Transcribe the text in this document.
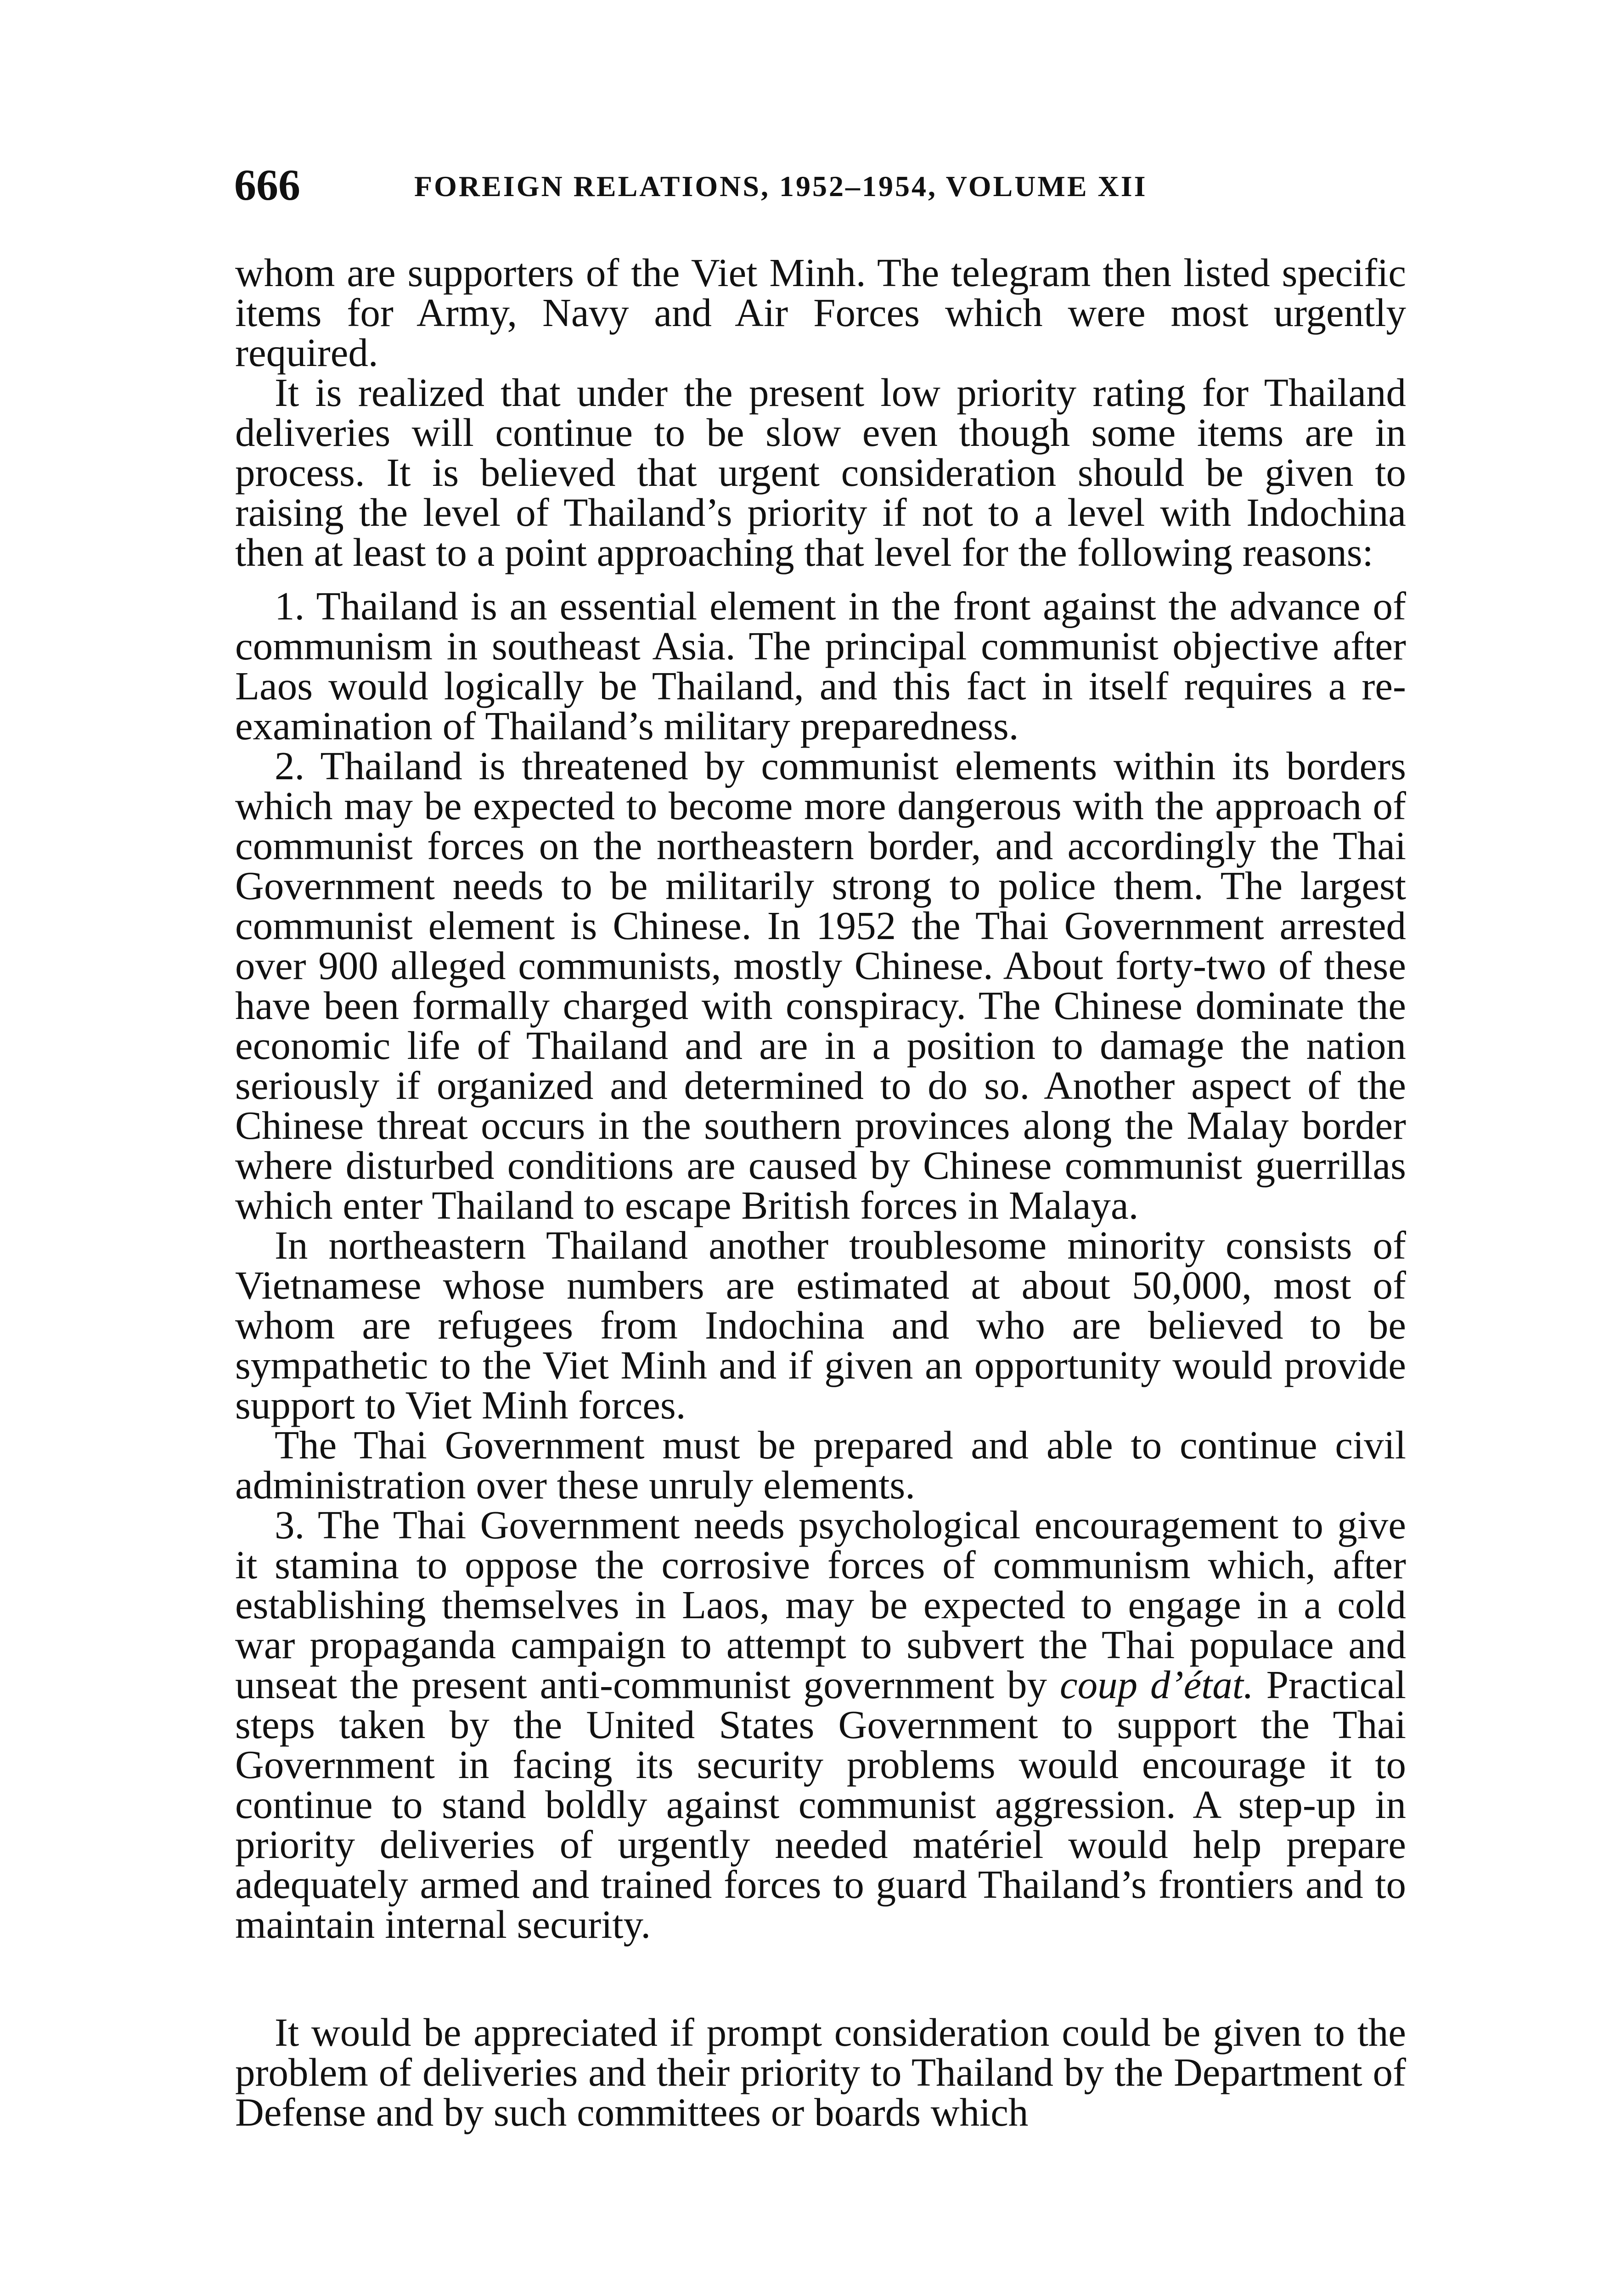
666	FOREIGN RELATIONS, 1952–1954, VOLUME XII

whom are supporters of the Viet Minh. The telegram then listed specific items for Army, Navy and Air Forces which were most urgently required.

It is realized that under the present low priority rating for Thailand deliveries will continue to be slow even though some items are in process. It is believed that urgent consideration should be given to raising the level of Thailand’s priority if not to a level with Indochina then at least to a point approaching that level for the following reasons:

1. Thailand is an essential element in the front against the advance of communism in southeast Asia. The principal communist objective after Laos would logically be Thailand, and this fact in itself requires a re-examination of Thailand’s military preparedness.

2. Thailand is threatened by communist elements within its borders which may be expected to become more dangerous with the approach of communist forces on the northeastern border, and accordingly the Thai Government needs to be militarily strong to police them. The largest communist element is Chinese. In 1952 the Thai Government arrested over 900 alleged communists, mostly Chinese. About forty-two of these have been formally charged with conspiracy. The Chinese dominate the economic life of Thailand and are in a position to damage the nation seriously if organized and determined to do so. Another aspect of the Chinese threat occurs in the southern provinces along the Malay border where disturbed conditions are caused by Chinese communist guerrillas which enter Thailand to escape British forces in Malaya.

In northeastern Thailand another troublesome minority consists of Vietnamese whose numbers are estimated at about 50,000, most of whom are refugees from Indochina and who are believed to be sympathetic to the Viet Minh and if given an opportunity would provide support to Viet Minh forces.

The Thai Government must be prepared and able to continue civil administration over these unruly elements.

3. The Thai Government needs psychological encouragement to give it stamina to oppose the corrosive forces of communism which, after establishing themselves in Laos, may be expected to engage in a cold war propaganda campaign to attempt to subvert the Thai populace and unseat the present anti-communist government by coup d’état. Practical steps taken by the United States Government to support the Thai Government in facing its security problems would encourage it to continue to stand boldly against communist aggression. A step-up in priority deliveries of urgently needed matériel would help prepare adequately armed and trained forces to guard Thailand’s frontiers and to maintain internal security.

It would be appreciated if prompt consideration could be given to the problem of deliveries and their priority to Thailand by the Department of Defense and by such committees or boards which
